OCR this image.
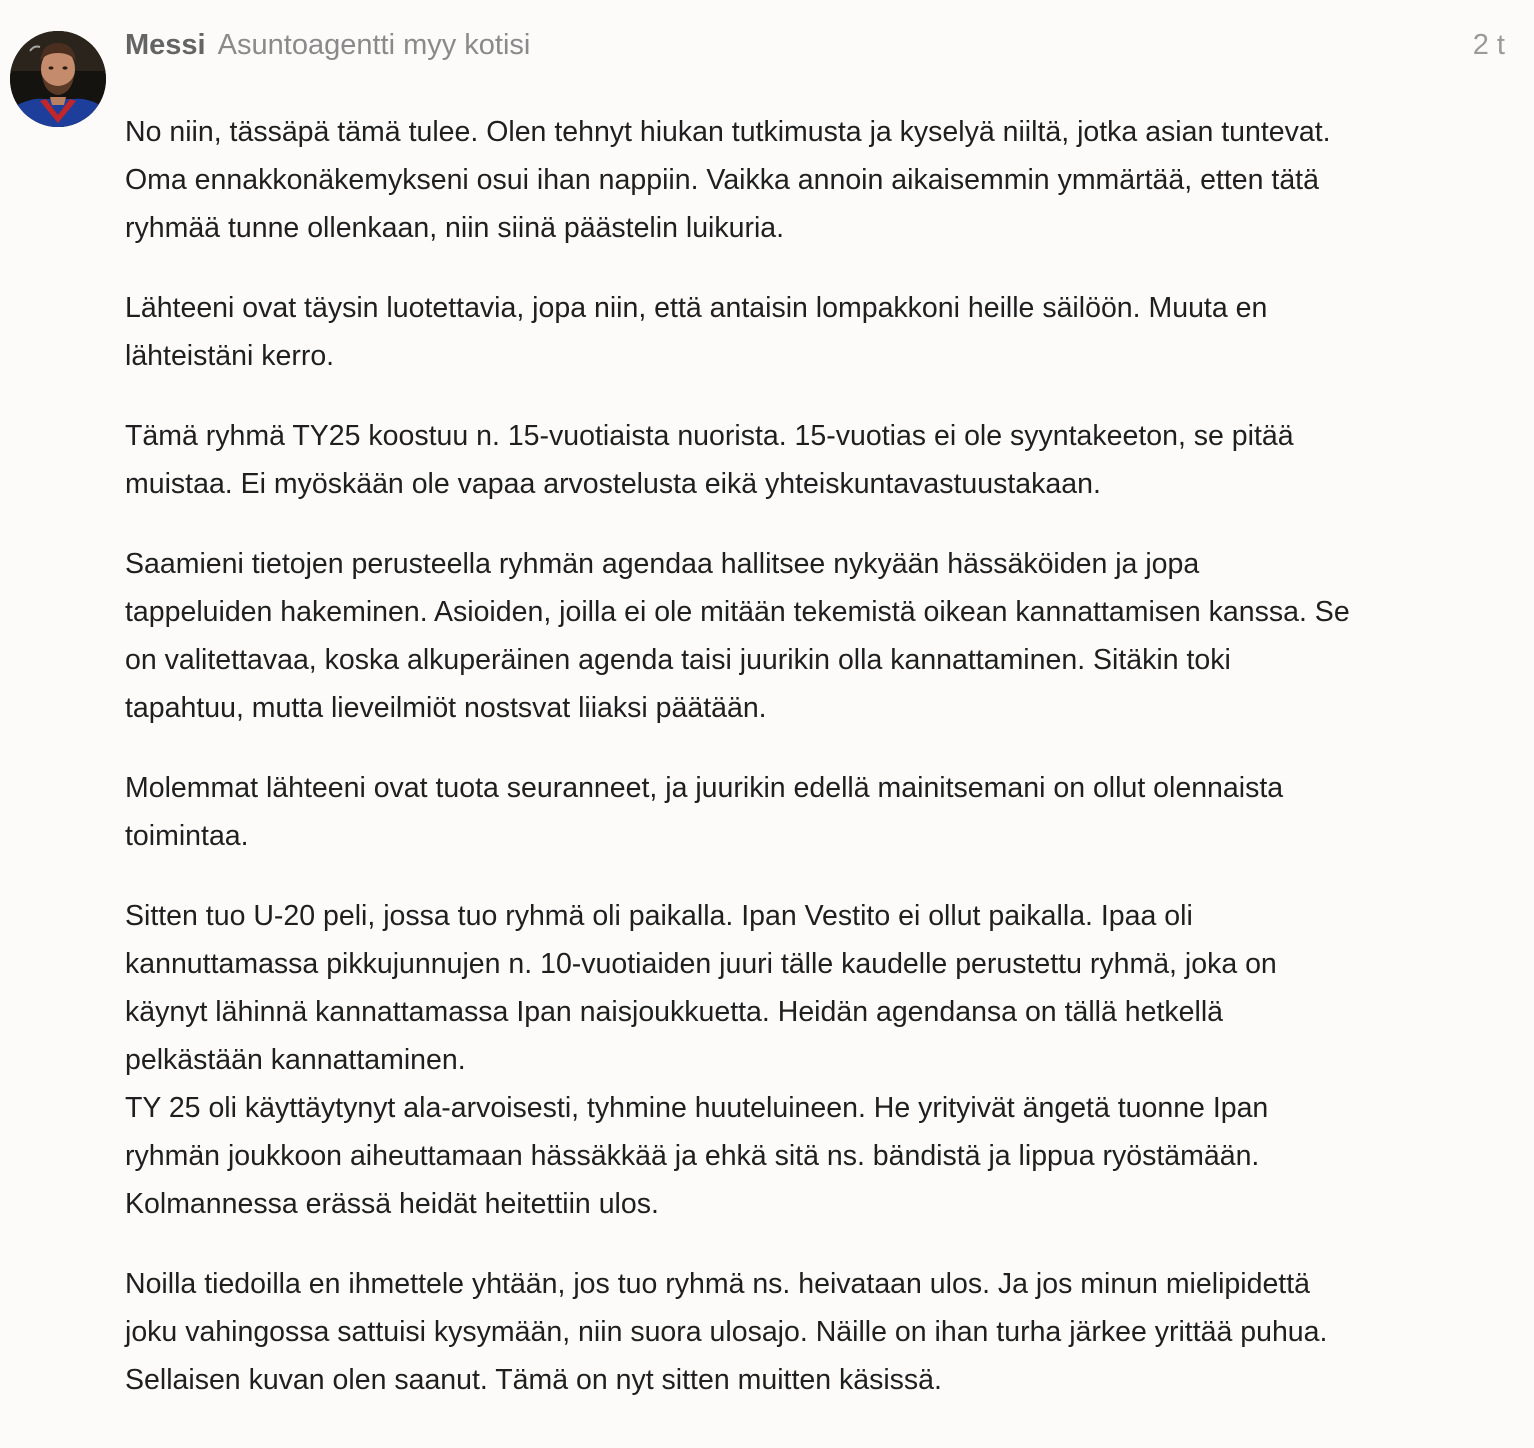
Messi Asuntoagentti myy kotisi	2 t

No niin, tässäpä tämä tulee. Olen tehnyt hiukan tutkimusta ja kyselyä niiltä, jotka asian tuntevat.
Oma ennakkonäkemykseni osui ihan nappiin. Vaikka annoin aikaisemmin ymmärtää, etten tätä
ryhmää tunne ollenkaan, niin siinä päästelin luikuria.

Lähteeni ovat täysin luotettavia, jopa niin, että antaisin lompakkoni heille säilöön. Muuta en
lähteistäni kerro.

Tämä ryhmä TY25 koostuu n. 15-vuotiaista nuorista. 15-vuotias ei ole syyntakeeton, se pitää
muistaa. Ei myöskään ole vapaa arvostelusta eikä yhteiskuntavastuustakaan.

Saamieni tietojen perusteella ryhmän agendaa hallitsee nykyään hässäköiden ja jopa
tappeluiden hakeminen. Asioiden, joilla ei ole mitään tekemistä oikean kannattamisen kanssa. Se
on valitettavaa, koska alkuperäinen agenda taisi juurikin olla kannattaminen. Sitäkin toki
tapahtuu, mutta lieveilmiöt nostsvat liiaksi päätään.

Molemmat lähteeni ovat tuota seuranneet, ja juurikin edellä mainitsemani on ollut olennaista
toimintaa.

Sitten tuo U-20 peli, jossa tuo ryhmä oli paikalla. Ipan Vestito ei ollut paikalla. Ipaa oli
kannuttamassa pikkujunnujen n. 10-vuotiaiden juuri tälle kaudelle perustettu ryhmä, joka on
käynyt lähinnä kannattamassa Ipan naisjoukkuetta. Heidän agendansa on tällä hetkellä
pelkästään kannattaminen.
TY 25 oli käyttäytynyt ala-arvoisesti, tyhmine huuteluineen. He yrityivät ängetä tuonne Ipan
ryhmän joukkoon aiheuttamaan hässäkkää ja ehkä sitä ns. bändistä ja lippua ryöstämään.
Kolmannessa erässä heidät heitettiin ulos.

Noilla tiedoilla en ihmettele yhtään, jos tuo ryhmä ns. heivataan ulos. Ja jos minun mielipidettä
joku vahingossa sattuisi kysymään, niin suora ulosajo. Näille on ihan turha järkee yrittää puhua.
Sellaisen kuvan olen saanut. Tämä on nyt sitten muitten käsissä.
